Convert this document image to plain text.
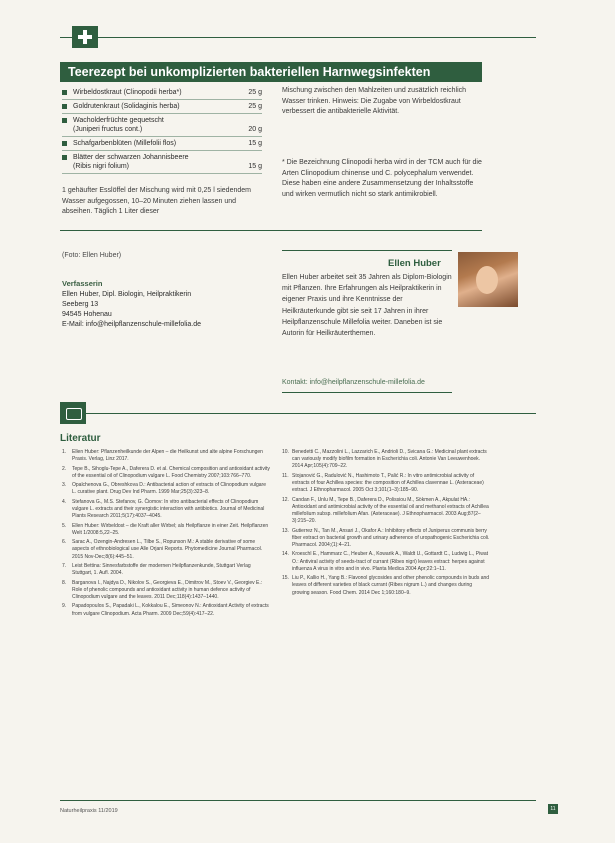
Teerezept bei unkomplizierten bakteriellen Harnwegsinfekten
Wirbeldostkraut (Clinopodii herba*)	25 g
Goldrutenkraut (Solidaginis herba)	25 g
Wacholderfrüchte gequetscht
(Juniperi fructus cont.)	20 g
Schafgarbenblüten (Millefolii flos)	15 g
Blätter der schwarzen Johannisbeere
(Ribis nigri folium)	15 g
1 gehäufter Esslöffel der Mischung wird mit 0,25 l siedendem Wasser aufgegossen, 10–20 Minuten ziehen lassen und abseihen. Täglich 1 Liter dieser
Mischung zwischen den Mahlzeiten und zusätzlich reichlich Wasser trinken. Hinweis: Die Zugabe von Wirbeldostkraut verbessert die antibakterielle Aktivität.
* Die Bezeichnung Clinopodii herba wird in der TCM auch für die Arten Clinopodium chinense und C. polycephalum verwendet. Diese haben eine andere Zusammensetzung der Inhaltsstoffe und wirken vermutlich nicht so stark antimikrobiell.
(Foto: Ellen Huber)
Verfasserin
Ellen Huber, Dipl. Biologin, Heilpraktikerin
Seeberg 13
94545 Hohenau
E-Mail: info@heilpflanzenschule-millefolia.de
Ellen Huber
Ellen Huber arbeitet seit 35 Jahren als Diplom-Biologin mit Pflanzen. Ihre Erfahrungen als Heilpraktikerin in eigener Praxis und ihre Kenntnisse der Heilkräuterkunde gibt sie seit 17 Jahren in ihrer Heilpflanzenschule Millefolia weiter. Daneben ist sie Autorin für Heilkräuterthemen.
Kontakt: info@heilpflanzenschule-millefolia.de
Literatur
1. Ellen Huber: Pflanzenheilkunde der Alpen – die Heilkunst und alte alpine Forschungen Praxis. Verlag, Linz 2017.
2. Tepe B., Sihoglu-Tepe A., Daferera D. et al. Chemical composition and antioxidant activity of the essential oil of Clinopodium vulgare L. Food Chemistry 2007;103:766–770.
3. Opalchenova G., Obreshkova D.: Antibacterial action of extracts of Clinopodium vulgare L. curative plant. Drug Dev Ind Pharm. 1999 Mar;25(3):323–8.
4. Stefanova G., M.S. Stefanov, G. Čiomov: In vitro antibacterial effects of Clinopodium vulgare L. extracts and their synergistic interaction with antibiotics. Journal of Medicinal Plants Research 2011;5(17):4037–4045.
5. Ellen Huber: Wirbeldost – die Kraft aller Wirbel; als Heilpflanze in einer Zeit. Heilpflanzen Welt 1/2008:5,22–25.
6. Sarac A., Ozengin-Andresen L., Tilbe S., Ropunson M.: A stable derivative of some aspects of ethnobiological use Alle Orjani Reports. Phytomedicine Journal Pharmacol. 2015 Nov-Dec;8(6):445–51.
7. Leist Bettina: Sinnesfarbstoffe der modernen Heilpflanzenkunde, Stuttgart Verlag Stuttgart, 1. Aufl. 2004.
8. Barganova I., Najdya D., Nikolov S., Georgieva E., Dimitrov M., Stoev V., Georgiev E.: Role of phenolic compounds and antioxidant activity in human defence activity of Clinopodium vulgare and the leaves. 2011 Dec;118(4):1437–1440.
9. Papadopoulos S., Papadaki L., Kokkalou E., Simeonov N.: Antioxidant Activity of extracts from vulgare Clinopodium. Acta Pharm. 2009 Dec;59(4):417–22.
10. Benedetti C., Mazzolini L., Lazzarich E., Andrioli D., Svicana G.: Medicinal plant extracts can variously modify biofilm formation in Escherichia coli. Antonie Van Leeuwenhoek. 2014 Apr;105(4):709–22.
11. Stojanović G., Radulović N., Hashimoto T., Palić R.: In vitro antimicrobial activity of extracts of four Achillea species: the composition of Achillea clavennae L. (Asteraceae) extract. J Ethnopharmacol. 2005 Oct 3;101(1–3):185–90.
12. Candan F., Unlu M., Tepe B., Daferera D., Polissiou M., Sökmen A., Akpulat HA.: Antioxidant and antimicrobial activity of the essential oil and methanol extracts of Achillea millefolium subsp. millefolium Afan. (Asteraceae). J Ethnopharmacol. 2003 Aug;87(2–3):215–20.
13. Gutierrez N., Tan M., Ansari J., Okafor A.: Inhibitory effects of Juniperus communis berry fiber extract on bacterial growth and urinary adherence of uropathogenic Escherichia coli. Pharmacol. 2004;(1):4–21.
14. Kroeschl E., Hammarz C., Heuber A., Kowarik A., Waldt U., Gottardt C., Ludwig L., Piwat O.: Antiviral activity of seeds-tract of currant (Ribes nigri) leaves extract: herpes against influenza A virus in vitro and in vivo. Planta Medica 2004 Apr;22:1–11.
15. Liu P., Kallio H., Yang B.: Flavonol glycosides and other phenolic compounds in buds and leaves of different varieties of black currant (Ribes nigrum L.) and changes during growing season. Food Chem. 2014 Dec 1;160:180–9.
Naturheilpraxis 11/2019	11
